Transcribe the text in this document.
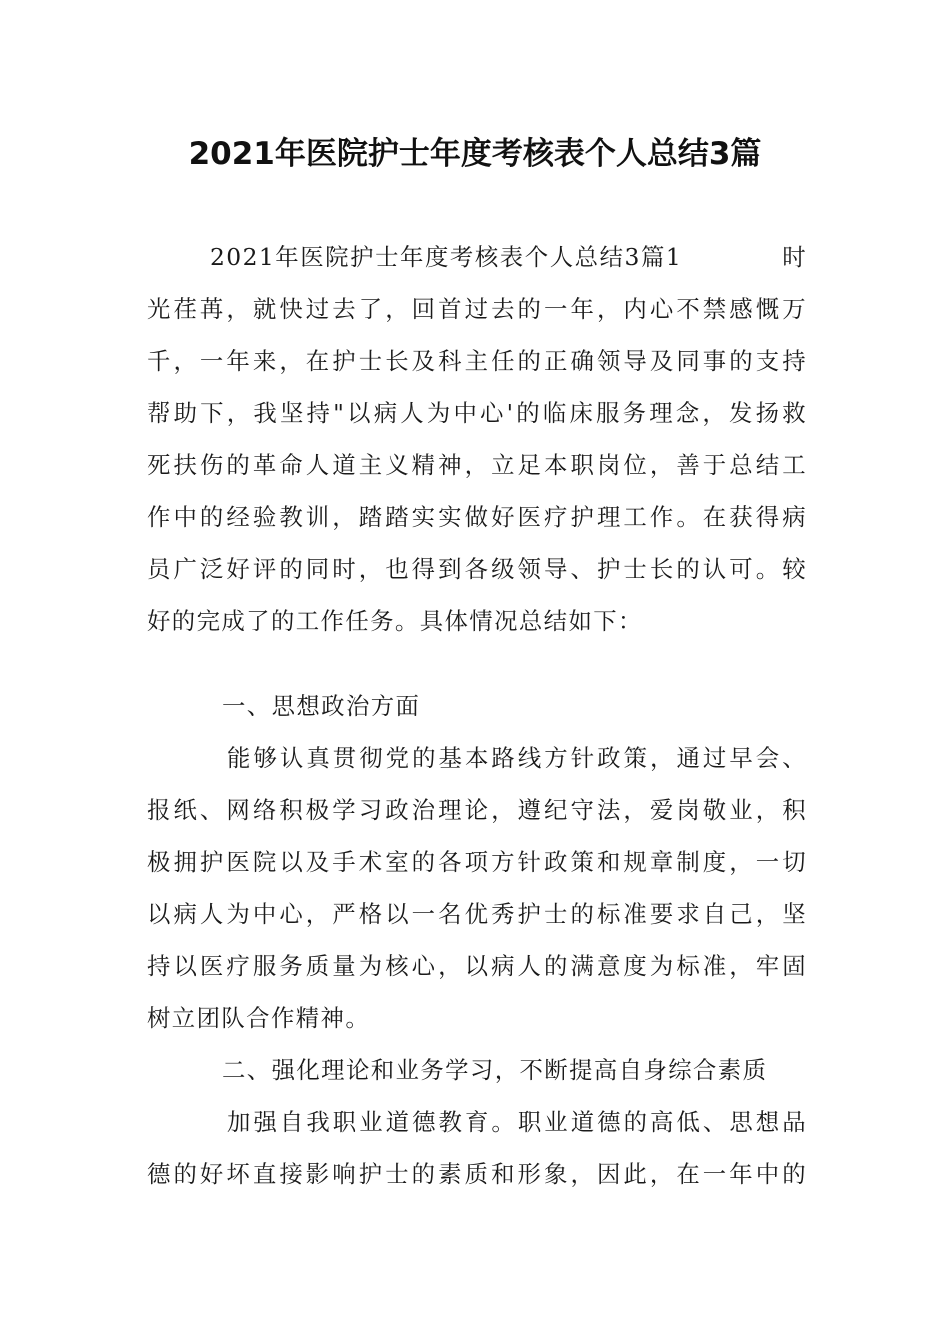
2021年医院护士年度考核表个人总结3篇
2021年医院护士年度考核表个人总结3篇1	时
光荏苒，就快过去了，回首过去的一年，内心不禁感慨万
千，一年来，在护士长及科主任的正确领导及同事的支持
帮助下，我坚持"以病人为中心'的临床服务理念，发扬救
死扶伤的革命人道主义精神，立足本职岗位，善于总结工
作中的经验教训，踏踏实实做好医疗护理工作。在获得病
员广泛好评的同时，也得到各级领导、护士长的认可。较
好的完成了的工作任务。具体情况总结如下：
一、思想政治方面
能够认真贯彻党的基本路线方针政策，通过早会、
报纸、网络积极学习政治理论，遵纪守法，爱岗敬业，积
极拥护医院以及手术室的各项方针政策和规章制度，一切
以病人为中心，严格以一名优秀护士的标准要求自己，坚
持以医疗服务质量为核心，以病人的满意度为标准，牢固
树立团队合作精神。
二、强化理论和业务学习，不断提高自身综合素质
加强自我职业道德教育。职业道德的高低、思想品
德的好坏直接影响护士的素质和形象，因此，在一年中的
